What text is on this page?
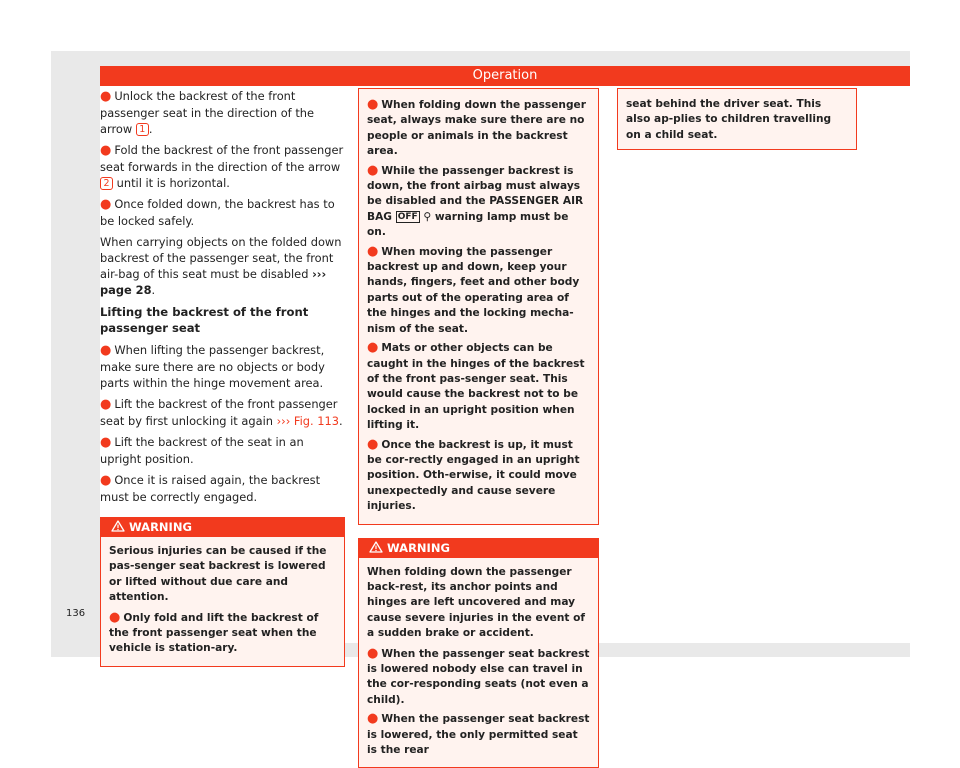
Operation
● Unlock the backrest of the front passenger seat in the direction of the arrow 1 .
● Fold the backrest of the front passenger seat forwards in the direction of the arrow 2 until it is horizontal.
● Once folded down, the backrest has to be locked safely.
When carrying objects on the folded down backrest of the passenger seat, the front air-bag of this seat must be disabled ››› page 28.
Lifting the backrest of the front passenger seat
● When lifting the passenger backrest, make sure there are no objects or body parts within the hinge movement area.
● Lift the backrest of the front passenger seat by first unlocking it again ››› Fig. 113.
● Lift the backrest of the seat in an upright position.
● Once it is raised again, the backrest must be correctly engaged.
WARNING
Serious injuries can be caused if the pas-senger seat backrest is lowered or lifted without due care and attention.
● Only fold and lift the backrest of the front passenger seat when the vehicle is station-ary.
● When folding down the passenger seat, always make sure there are no people or animals in the backrest area.
● While the passenger backrest is down, the front airbag must always be disabled and the PASSENGER AIR BAG OFF ⚲ warning lamp must be on.
● When moving the passenger backrest up and down, keep your hands, fingers, feet and other body parts out of the operating area of the hinges and the locking mecha-nism of the seat.
● Mats or other objects can be caught in the hinges of the backrest of the front pas-senger seat. This would cause the backrest not to be locked in an upright position when lifting it.
● Once the backrest is up, it must be cor-rectly engaged in an upright position. Oth-erwise, it could move unexpectedly and cause severe injuries.
WARNING
When folding down the passenger back-rest, its anchor points and hinges are left uncovered and may cause severe injuries in the event of a sudden brake or accident.
● When the passenger seat backrest is lowered nobody else can travel in the cor-responding seats (not even a child).
● When the passenger seat backrest is lowered, the only permitted seat is the rear
seat behind the driver seat. This also ap-plies to children travelling on a child seat.
136
